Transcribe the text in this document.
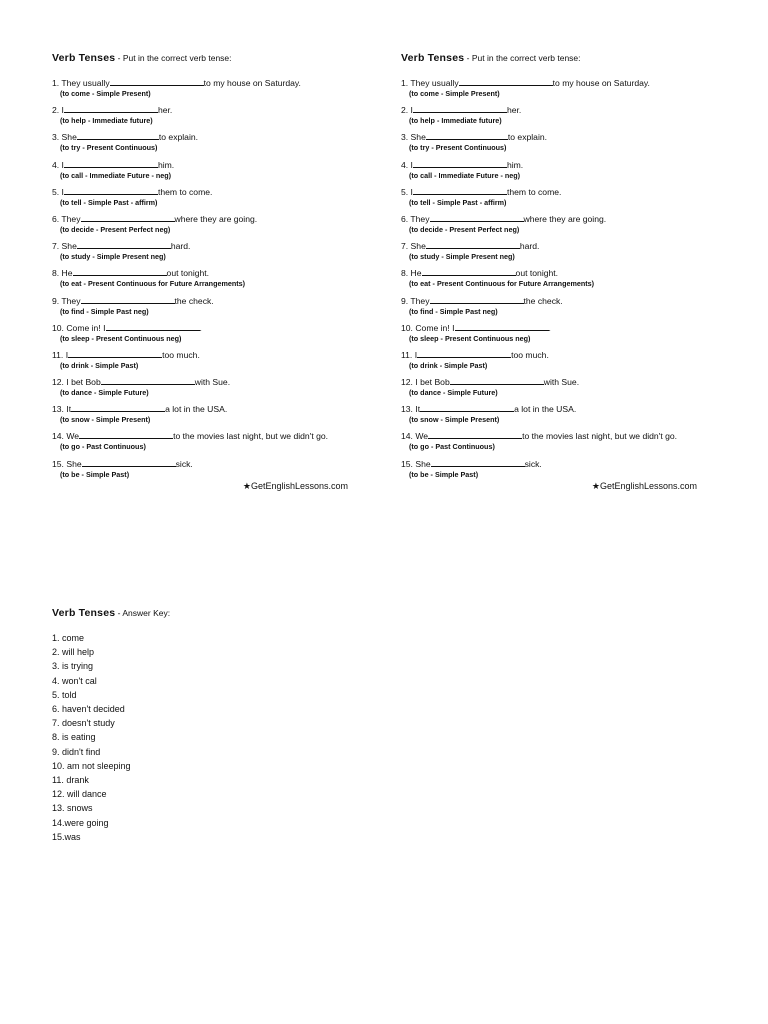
Verb Tenses - Put in the correct verb tense:
1. They usually	to my house on Saturday.
(to come - Simple Present)
2. I	her.
(to help - Immediate future)
3. She	to explain.
(to try - Present Continuous)
4. I	him.
(to call - Immediate Future - neg)
5. I	them to come.
(to tell - Simple Past - affirm)
6. They	where they are going.
(to decide - Present Perfect neg)
7. She	hard.
(to study - Simple Present neg)
8. He	out tonight.
(to eat - Present Continuous for Future Arrangements)
9. They	the check.
(to find - Simple Past neg)
10. Come in! I	.
(to sleep - Present Continuous neg)
11. I	too much.
(to drink - Simple Past)
12. I bet Bob	with Sue.
(to dance - Simple Future)
13. It	a lot in the USA.
(to snow - Simple Present)
14. We	to the movies last night, but we didn't go.
(to go - Past Continuous)
15. She	sick.
(to be - Simple Past)
★GetEnglishLessons.com
Verb Tenses - Put in the correct verb tense:
1. They usually	to my house on Saturday.
(to come - Simple Present)
2. I	her.
(to help - Immediate future)
3. She	to explain.
(to try - Present Continuous)
4. I	him.
(to call - Immediate Future - neg)
5. I	them to come.
(to tell - Simple Past - affirm)
6. They	where they are going.
(to decide - Present Perfect neg)
7. She	hard.
(to study - Simple Present neg)
8. He	out tonight.
(to eat - Present Continuous for Future Arrangements)
9. They	the check.
(to find - Simple Past neg)
10. Come in! I	.
(to sleep - Present Continuous neg)
11. I	too much.
(to drink - Simple Past)
12. I bet Bob	with Sue.
(to dance - Simple Future)
13. It	a lot in the USA.
(to snow - Simple Present)
14. We	to the movies last night, but we didn't go.
(to go - Past Continuous)
15. She	sick.
(to be - Simple Past)
★GetEnglishLessons.com
Verb Tenses - Answer Key:
1. come
2. will help
3. is trying
4. won't cal
5. told
6. haven't decided
7. doesn't study
8. is eating
9. didn't find
10. am not sleeping
11. drank
12. will dance
13. snows
14.were going
15.was
